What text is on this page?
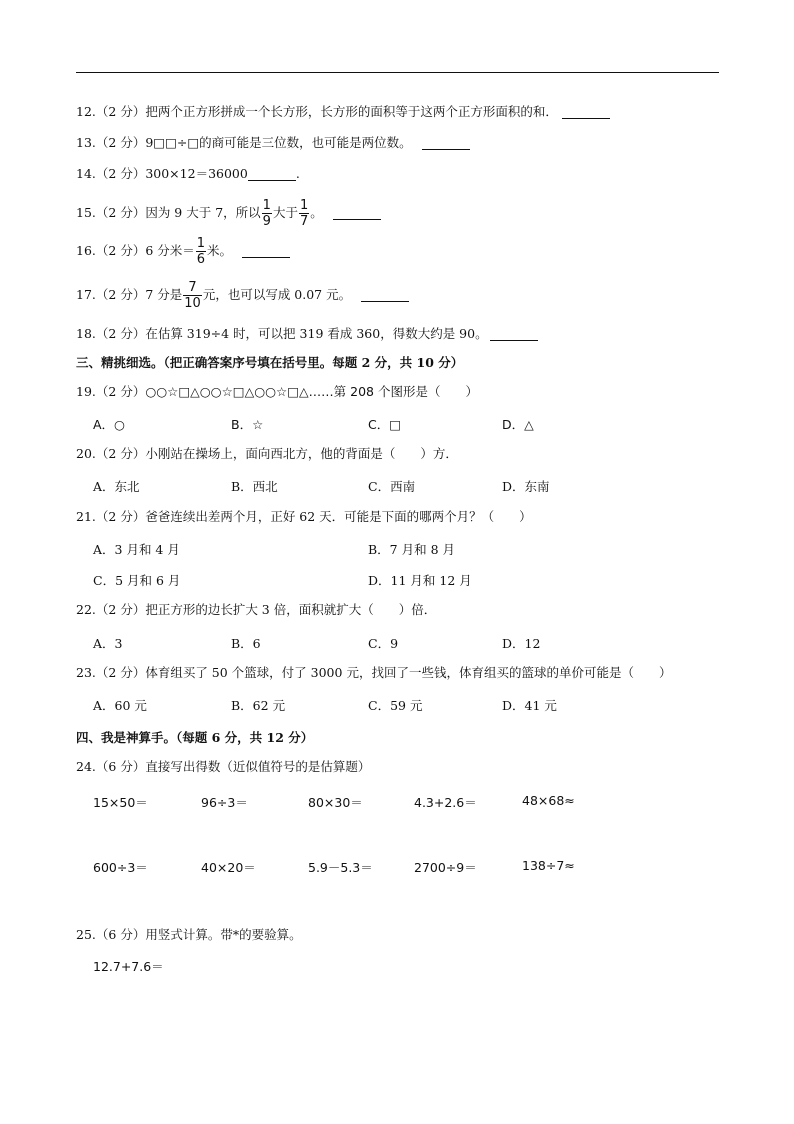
12. （2 分） 把两个正方形拼成一个长方形，长方形的面积等于这两个正方形面积的和．
13. （2 分） 9□□÷□的商可能是三位数，也可能是两位数。
14. （2 分） 300×12＝36000	.
15. （2 分） 因为 9 大于 7，所以 $\frac{1}{9}$ 大于 $\frac{1}{7}$ 。
16. （2 分） 6 分米＝ $\frac{1}{6}$ 米。
17. （2 分） 7 分是 $\frac{7}{10}$ 元，也可以写成 0.07 元。
18. （2 分） 在估算 319÷4 时，可以把 319 看成 360，得数大约是 90。
三、精挑细选。（把正确答案序号填在括号里。每题 2 分，共 10 分）
19. （2 分） ○○☆□△○○☆□△○○☆□△……第 208 个图形是（　　）
A．○	B．☆	C．□	D．△
20. （2 分） 小刚站在操场上，面向西北方，他的背面是（　　）方．
A．东北	B．西北	C．西南	D．东南
21. （2 分） 爸爸连续出差两个月，正好 62 天．可能是下面的哪两个月？（　　）
A．3 月和 4 月	B．7 月和 8 月
C．5 月和 6 月	D．11 月和 12 月
22. （2 分） 把正方形的边长扩大 3 倍，面积就扩大（　　）倍．
A．3	B．6	C．9	D．12
23. （2 分） 体育组买了 50 个篮球，付了 3000 元，找回了一些钱，体育组买的篮球的单价可能是（　　）
A．60 元	B．62 元	C．59 元	D．41 元
四、我是神算手。（每题 6 分，共 12 分）
24. （6 分） 直接写出得数（近似值符号的是估算题）
15×50＝	96÷3＝	80×30＝	4.3+2.6＝	48×68≈
600÷3＝	40×20＝	5.9－5.3＝	2700÷9＝	138÷7≈
25. （6 分） 用竖式计算。带*的要验算。
12.7+7.6＝
